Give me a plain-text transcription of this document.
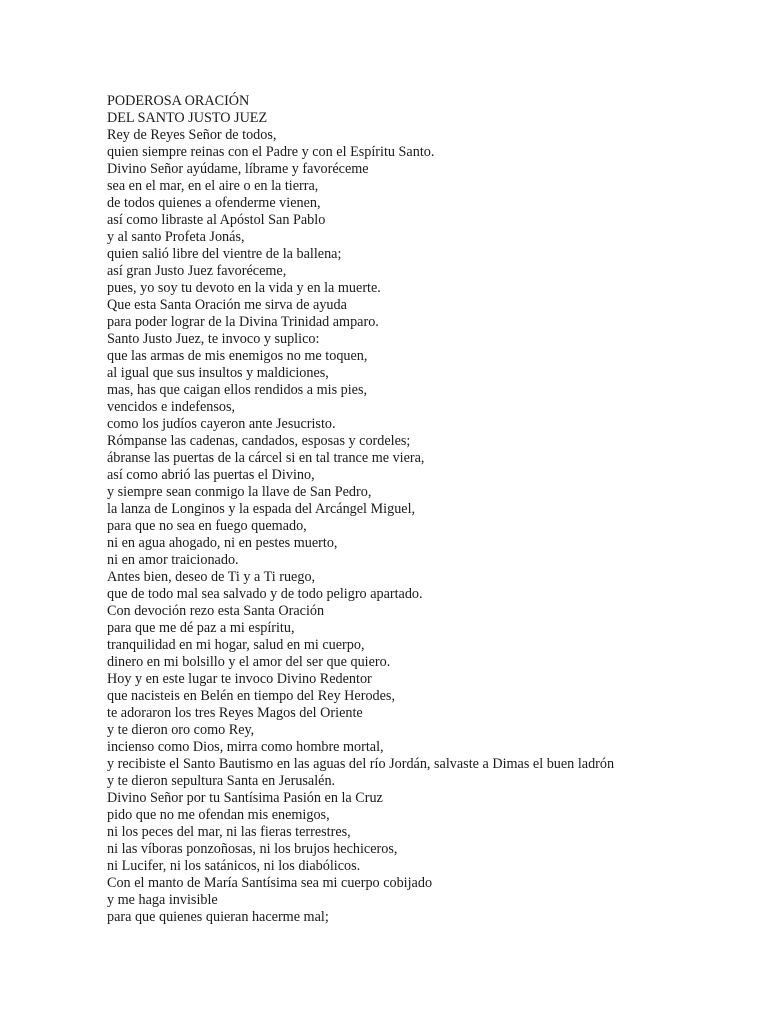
PODEROSA ORACIÓN
DEL SANTO JUSTO JUEZ
Rey de Reyes Señor de todos,
quien siempre reinas con el Padre y con el Espíritu Santo.
Divino Señor ayúdame, líbrame y favoréceme
sea en el mar, en el aire o en la tierra,
de todos quienes a ofenderme vienen,
así como libraste al Apóstol San Pablo
y al santo Profeta Jonás,
quien salió libre del vientre de la ballena;
así gran Justo Juez favoréceme,
pues, yo soy tu devoto en la vida y en la muerte.
Que esta Santa Oración me sirva de ayuda
para poder lograr de la Divina Trinidad amparo.
Santo Justo Juez, te invoco y suplico:
que las armas de mis enemigos no me toquen,
al igual que sus insultos y maldiciones,
mas, has que caigan ellos rendidos a mis pies,
vencidos e indefensos,
como los judíos cayeron ante Jesucristo.
Rómpanse las cadenas, candados, esposas y cordeles;
ábranse las puertas de la cárcel si en tal trance me viera,
así como abrió las puertas el Divino,
y siempre sean conmigo la llave de San Pedro,
la lanza de Longinos y la espada del Arcángel Miguel,
para que no sea en fuego quemado,
ni en agua ahogado, ni en pestes muerto,
ni en amor traicionado.
Antes bien, deseo de Ti y a Ti ruego,
que de todo mal sea salvado y de todo peligro apartado.
Con devoción rezo esta Santa Oración
para que me dé paz a mi espíritu,
tranquilidad en mi hogar, salud en mi cuerpo,
dinero en mi bolsillo y el amor del ser que quiero.
Hoy y en este lugar te invoco Divino Redentor
que nacisteis en Belén en tiempo del Rey Herodes,
te adoraron los tres Reyes Magos del Oriente
y te dieron oro como Rey,
incienso como Dios, mirra como hombre mortal,
y recibiste el Santo Bautismo en las aguas del río Jordán, salvaste a Dimas el buen ladrón
y te dieron sepultura Santa en Jerusalén.
Divino Señor por tu Santísima Pasión en la Cruz
pido que no me ofendan mis enemigos,
ni los peces del mar, ni las fieras terrestres,
ni las víboras ponzoñosas, ni los brujos hechiceros,
ni Lucifer, ni los satánicos, ni los diabólicos.
Con el manto de María Santísima sea mi cuerpo cobijado
y me haga invisible
para que quienes quieran hacerme mal;
